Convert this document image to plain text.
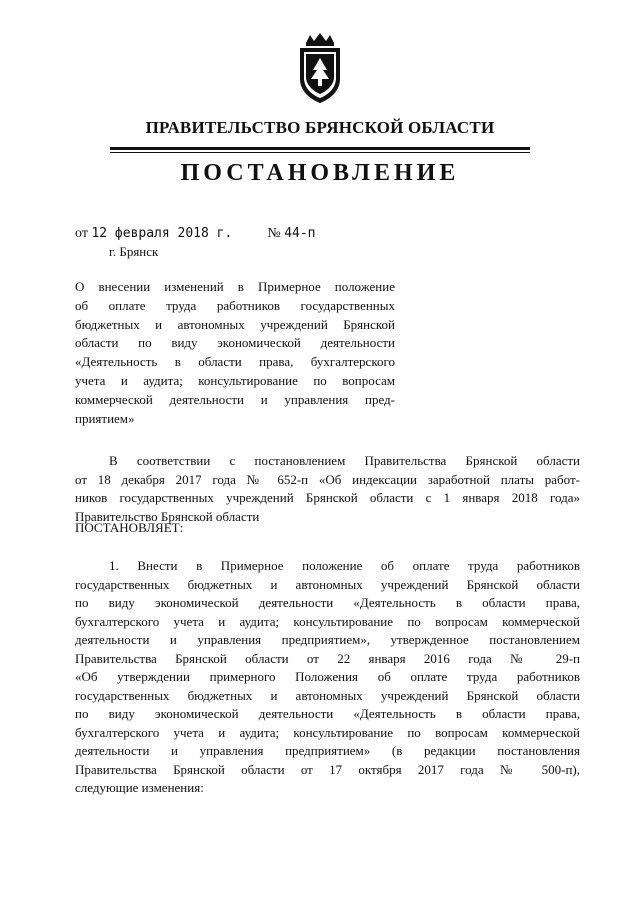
ПРАВИТЕЛЬСТВО БРЯНСКОЙ ОБЛАСТИ
ПОСТАНОВЛЕНИЕ
от 12 февраля 2018 г.	№ 44-п
г. Брянск
О внесении изменений в Примерное положение
об оплате труда работников государственных
бюджетных и автономных учреждений Брянской
области по виду экономической деятельности
«Деятельность в области права, бухгалтерского
учета и аудита; консультирование по вопросам
коммерческой деятельности и управления пред-
приятием»
В соответствии с постановлением Правительства Брянской области
от 18 декабря 2017 года № 652-п «Об индексации заработной платы работ-
ников государственных учреждений Брянской области с 1 января 2018 года»
Правительство Брянской области
ПОСТАНОВЛЯЕТ:
1. Внести в Примерное положение об оплате труда работников
государственных бюджетных и автономных учреждений Брянской области
по виду экономической деятельности «Деятельность в области права,
бухгалтерского учета и аудита; консультирование по вопросам коммерческой
деятельности и управления предприятием», утвержденное постановлением
Правительства Брянской области от 22 января 2016 года № 29-п
«Об утверждении примерного Положения об оплате труда работников
государственных бюджетных и автономных учреждений Брянской области
по виду экономической деятельности «Деятельность в области права,
бухгалтерского учета и аудита; консультирование по вопросам коммерческой
деятельности и управления предприятием» (в редакции постановления
Правительства Брянской области от 17 октября 2017 года № 500-п),
следующие изменения:
